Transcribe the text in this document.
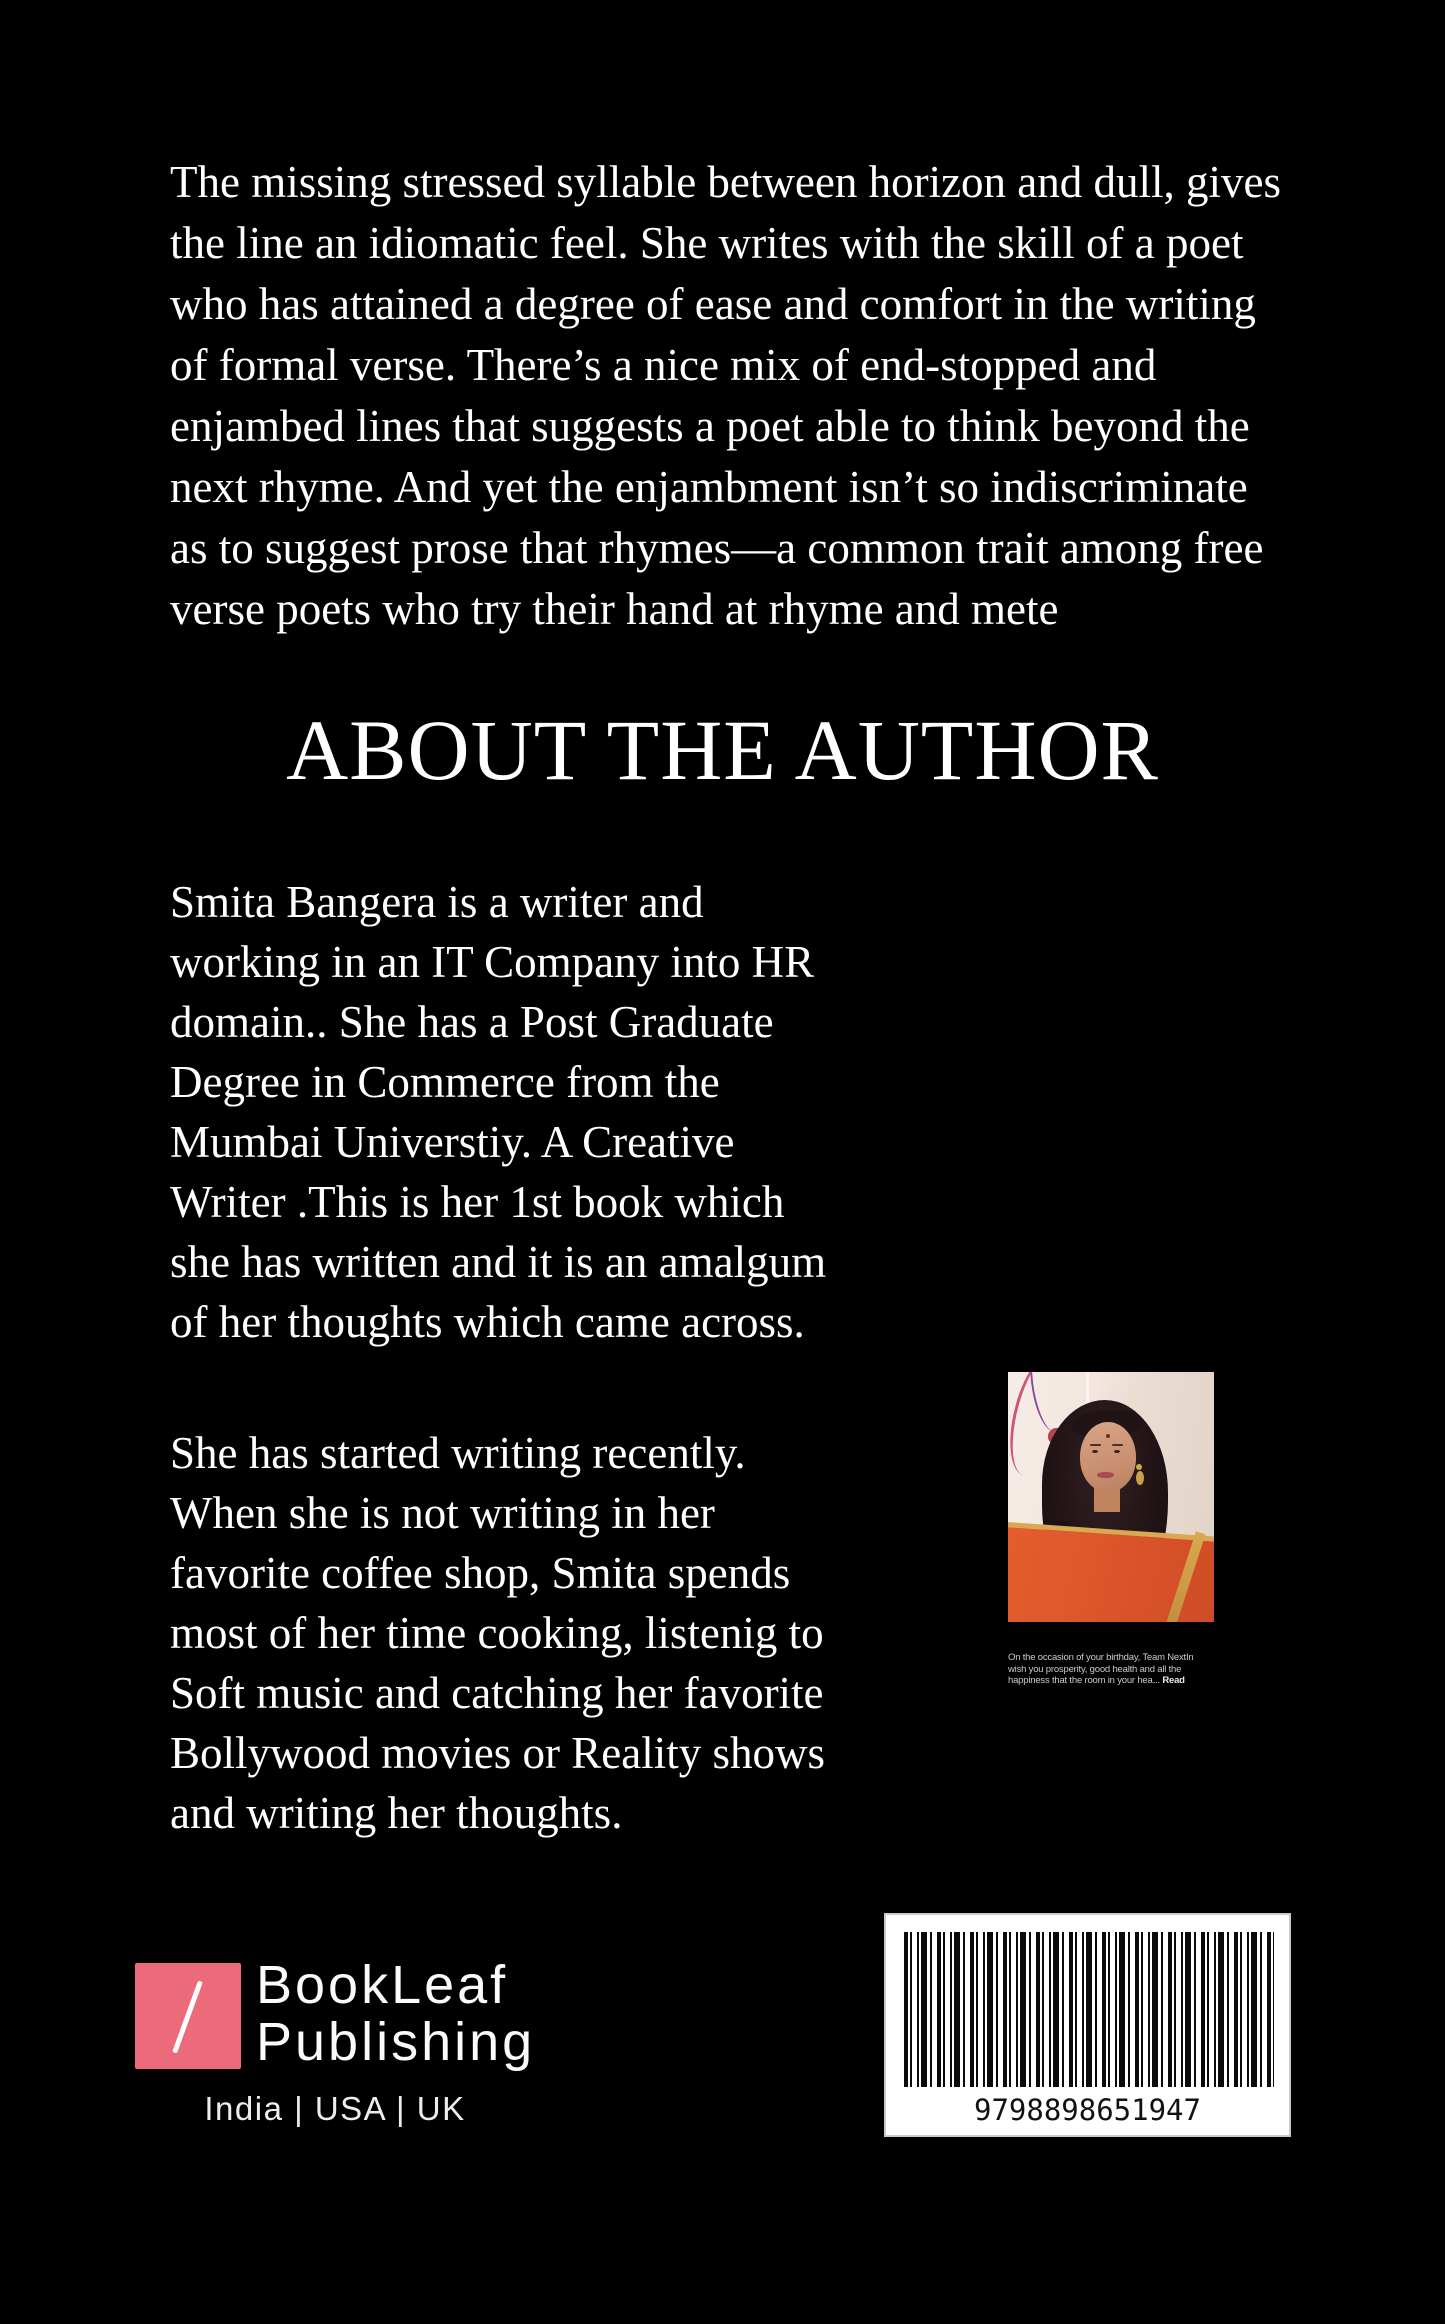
The missing stressed syllable between horizon and dull, gives
the line an idiomatic feel. She writes with the skill of a poet
who has attained a degree of ease and comfort in the writing
of formal verse. There’s a nice mix of end-stopped and
enjambed lines that suggests a poet able to think beyond the
next rhyme. And yet the enjambment isn’t so indiscriminate
as to suggest prose that rhymes—a common trait among free
verse poets who try their hand at rhyme and mete
ABOUT THE AUTHOR
Smita Bangera is a writer and
working in an IT Company into HR
domain.. She has a Post Graduate
Degree in Commerce from the
Mumbai Universtiy. A Creative
Writer .This is her 1st book which
she has written and it is an amalgum
of her thoughts which came across.
She has started writing recently.
When she is not writing in her
favorite coffee shop, Smita spends
most of her time cooking, listenig to
Soft music and catching her favorite
Bollywood movies or Reality shows
and writing her thoughts.
On the occasion of your birthday, Team NextIn
wish you prosperity, good health and all the
happiness that the room in your hea... Read
BookLeaf
Publishing
India | USA | UK	9798898651947
